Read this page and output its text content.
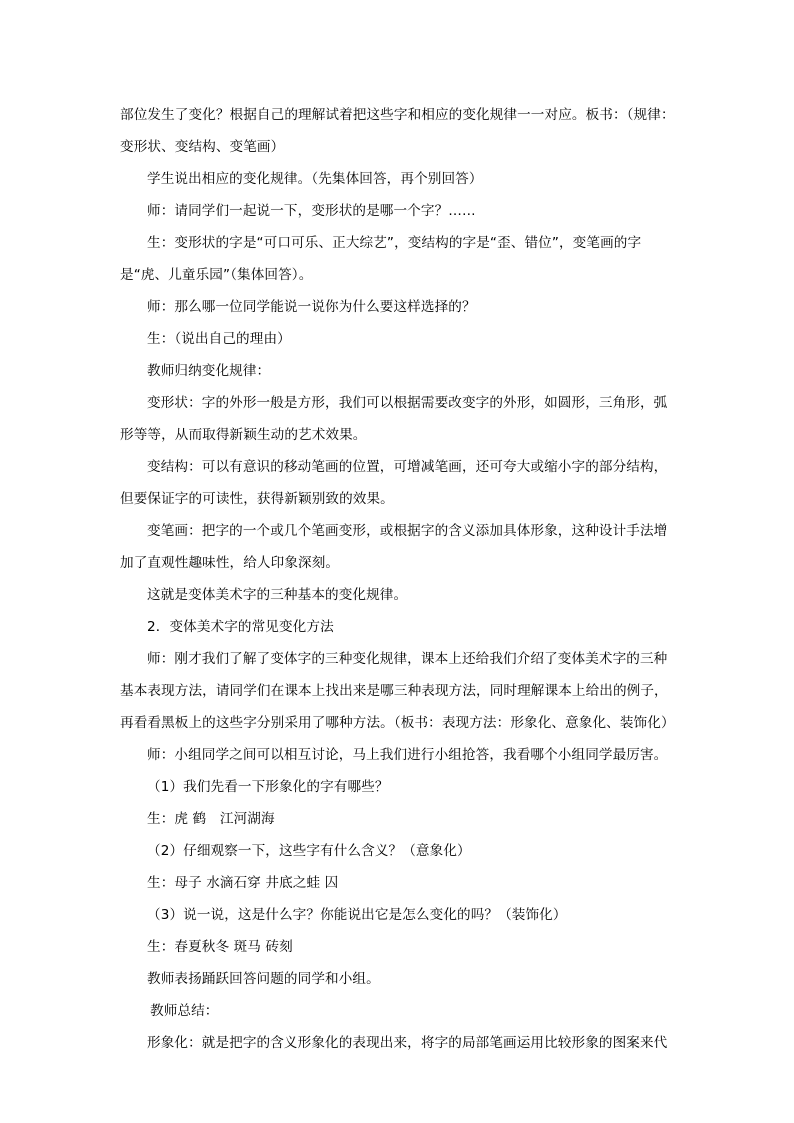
部位发生了变化？根据自己的理解试着把这些字和相应的变化规律一一对应。板书：（规律：

变形状、变结构、变笔画）

学生说出相应的变化规律。（先集体回答，再个别回答）

师：请同学们一起说一下，变形状的是哪一个字？……

生：变形状的字是“可口可乐、正大综艺”，变结构的字是“歪、错位”，变笔画的字

是“虎、儿童乐园”（集体回答）。

师：那么哪一位同学能说一说你为什么要这样选择的？

生：（说出自己的理由）

教师归纳变化规律：

变形状：字的外形一般是方形，我们可以根据需要改变字的外形，如圆形，三角形，弧

形等等，从而取得新颖生动的艺术效果。

变结构：可以有意识的移动笔画的位置，可增减笔画，还可夸大或缩小字的部分结构，

但要保证字的可读性，获得新颖别致的效果。

变笔画：把字的一个或几个笔画变形，或根据字的含义添加具体形象，这种设计手法增

加了直观性趣味性，给人印象深刻。

这就是变体美术字的三种基本的变化规律。

2．变体美术字的常见变化方法

师：刚才我们了解了变体字的三种变化规律，课本上还给我们介绍了变体美术字的三种

基本表现方法，请同学们在课本上找出来是哪三种表现方法，同时理解课本上给出的例子，

再看看黑板上的这些字分别采用了哪种方法。（板书：表现方法：形象化、意象化、装饰化）

师：小组同学之间可以相互讨论，马上我们进行小组抢答，我看哪个小组同学最厉害。

（1）我们先看一下形象化的字有哪些？

生：虎 鹤　江河湖海

（2）仔细观察一下，这些字有什么含义？（意象化）

生：母子 水滴石穿 井底之蛙 囚

（3）说一说，这是什么字？你能说出它是怎么变化的吗？（装饰化）

生：春夏秋冬 斑马 砖刻

教师表扬踊跃回答问题的同学和小组。

教师总结：

形象化：就是把字的含义形象化的表现出来，将字的局部笔画运用比较形象的图案来代
